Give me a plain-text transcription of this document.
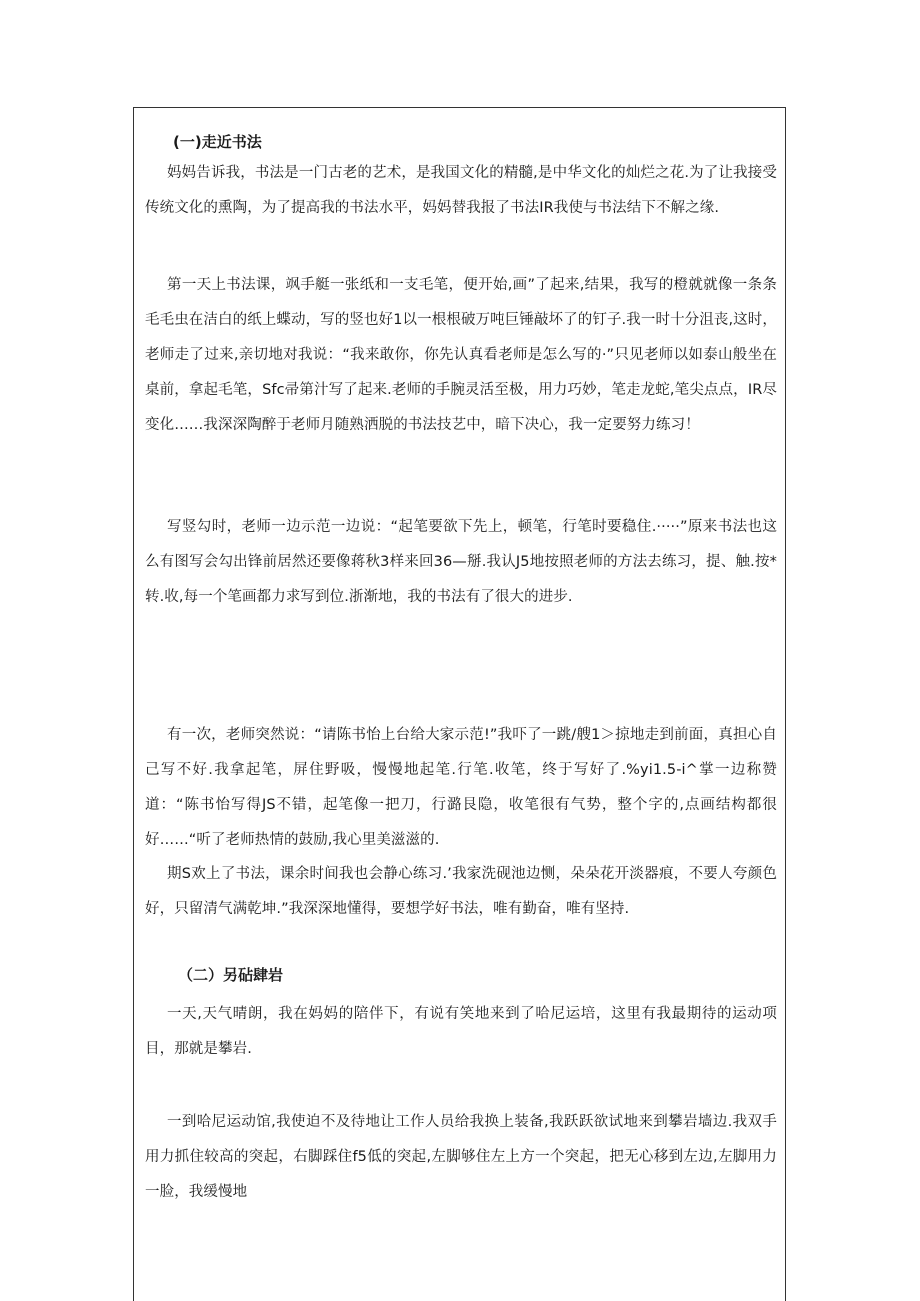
(一)走近书法

妈妈告诉我，书法是一门古老的艺术，是我国文化的精髓,是中华文化的灿烂之花.为了让我接受传统文化的熏陶，为了提高我的书法水平，妈妈替我报了书法IR我使与书法结下不解之缘.

第一天上书法课，飒手艇一张纸和一支毛笔，便开始,画”了起来,结果，我写的橙就就像一条条毛毛虫在洁白的纸上蝶动，写的竖也好1以一根根破万吨巨锤敲坏了的钉子.我一时十分沮丧,这时，老师走了过来,亲切地对我说：“我来敢你，你先认真看老师是怎么写的·”只见老师以如泰山般坐在桌前，拿起毛笔，Sfc帚第汁写了起来.老师的手腕灵活至极，用力巧妙，笔走龙蛇,笔尖点点，IR尽变化……我深深陶醉于老师月随熟洒脱的书法技艺中，暗下决心，我一定要努力练习！

写竖勾时，老师一边示范一边说：“起笔要欲下先上，顿笔，行笔时要稳住.·····”原来书法也这么有图写会勾出锋前居然还要像蒋秋3样来回36—掰.我认J5地按照老师的方法去练习，提、触.按*转.收,每一个笔画都力求写到位.浙渐地，我的书法有了很大的进步.

有一次，老师突然说：“请陈书怡上台给大家示范!”我吓了一跳/艘1＞掠地走到前面，真担心自己写不好.我拿起笔，屏住野吸，慢慢地起笔.行笔.收笔，终于写好了.%yi1.5-i^掌一边称赞道：“陈书怡写得JS不错，起笔像一把刀，行潞艮隐，收笔很有气势，整个字的,点画结构都很好……“听了老师热情的鼓励,我心里美滋滋的.

期S欢上了书法，课余时间我也会静心练习.’我家洗砚池边恻，朵朵花开淡器痕，不要人夸颜色好，只留清气满乾坤.”我深深地懂得，要想学好书法，唯有勤奋，唯有坚持.

（二）另砧肆岩

一天,天气晴朗，我在妈妈的陪伴下，有说有笑地来到了哈尼运培，这里有我最期待的运动项目，那就是攀岩.

一到哈尼运动馆,我使迫不及待地让工作人员给我换上装备,我跃跃欲试地来到攀岩墙边.我双手用力抓住较高的突起，右脚踩住f5低的突起,左脚够住左上方一个突起，把无心移到左边,左脚用力一脸，我缓慢地
